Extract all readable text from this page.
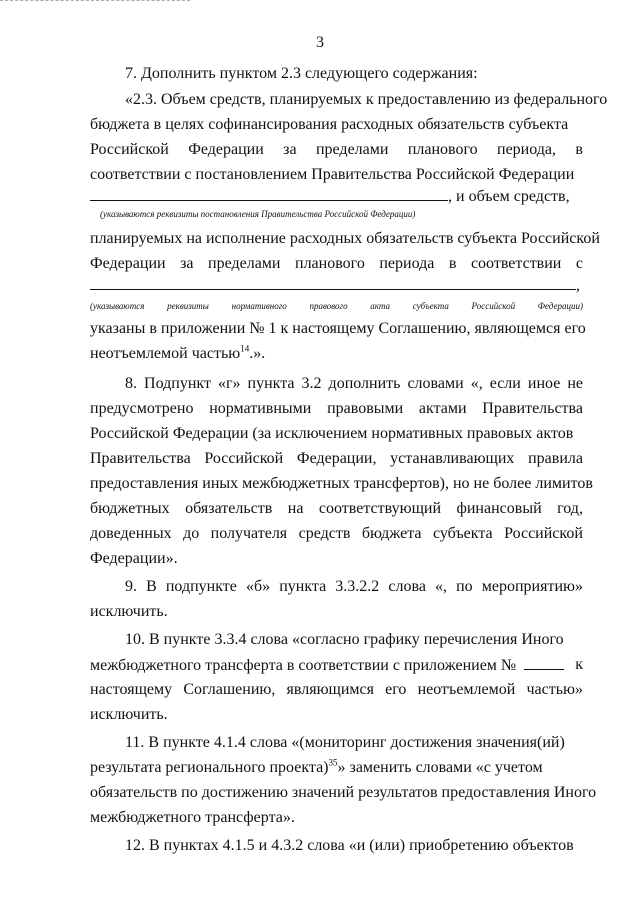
3
7. Дополнить пунктом 2.3 следующего содержания:
«2.3. Объем средств, планируемых к предоставлению из федерального
бюджета в целях софинансирования расходных обязательств субъекта
Российской Федерации за пределами планового периода, в
соответствии с постановлением Правительства Российской Федерации
, и объем средств,
(указываются реквизиты постановления Правительства Российской Федерации)
планируемых на исполнение расходных обязательств субъекта Российской
Федерации за пределами планового периода в соответствии с
,
(указываются	реквизиты	нормативного	правового	акта	субъекта	Российской	Федерации)
указаны в приложении № 1 к настоящему Соглашению, являющемся его
неотъемлемой частью$^{14}$.».
8. Подпункт «г» пункта 3.2 дополнить словами «, если иное не
предусмотрено нормативными правовыми актами Правительства
Российской Федерации (за исключением нормативных правовых актов
Правительства Российской Федерации, устанавливающих правила
предоставления иных межбюджетных трансфертов), но не более лимитов
бюджетных обязательств на соответствующий финансовый год,
доведенных до получателя средств бюджета субъекта Российской
Федерации».
9. В подпункте «б» пункта 3.3.2.2 слова «, по мероприятию»
исключить.
10. В пункте 3.3.4 слова «согласно графику перечисления Иного
межбюджетного трансферта в соответствии с приложением №	к
настоящему Соглашению, являющимся его неотъемлемой частью»
исключить.
11. В пункте 4.1.4 слова «(мониторинг достижения значения(ий)
результата регионального проекта)$^{35}$» заменить словами «с учетом
обязательств по достижению значений результатов предоставления Иного
межбюджетного трансферта».
12. В пунктах 4.1.5 и 4.3.2 слова «и (или) приобретению объектов
